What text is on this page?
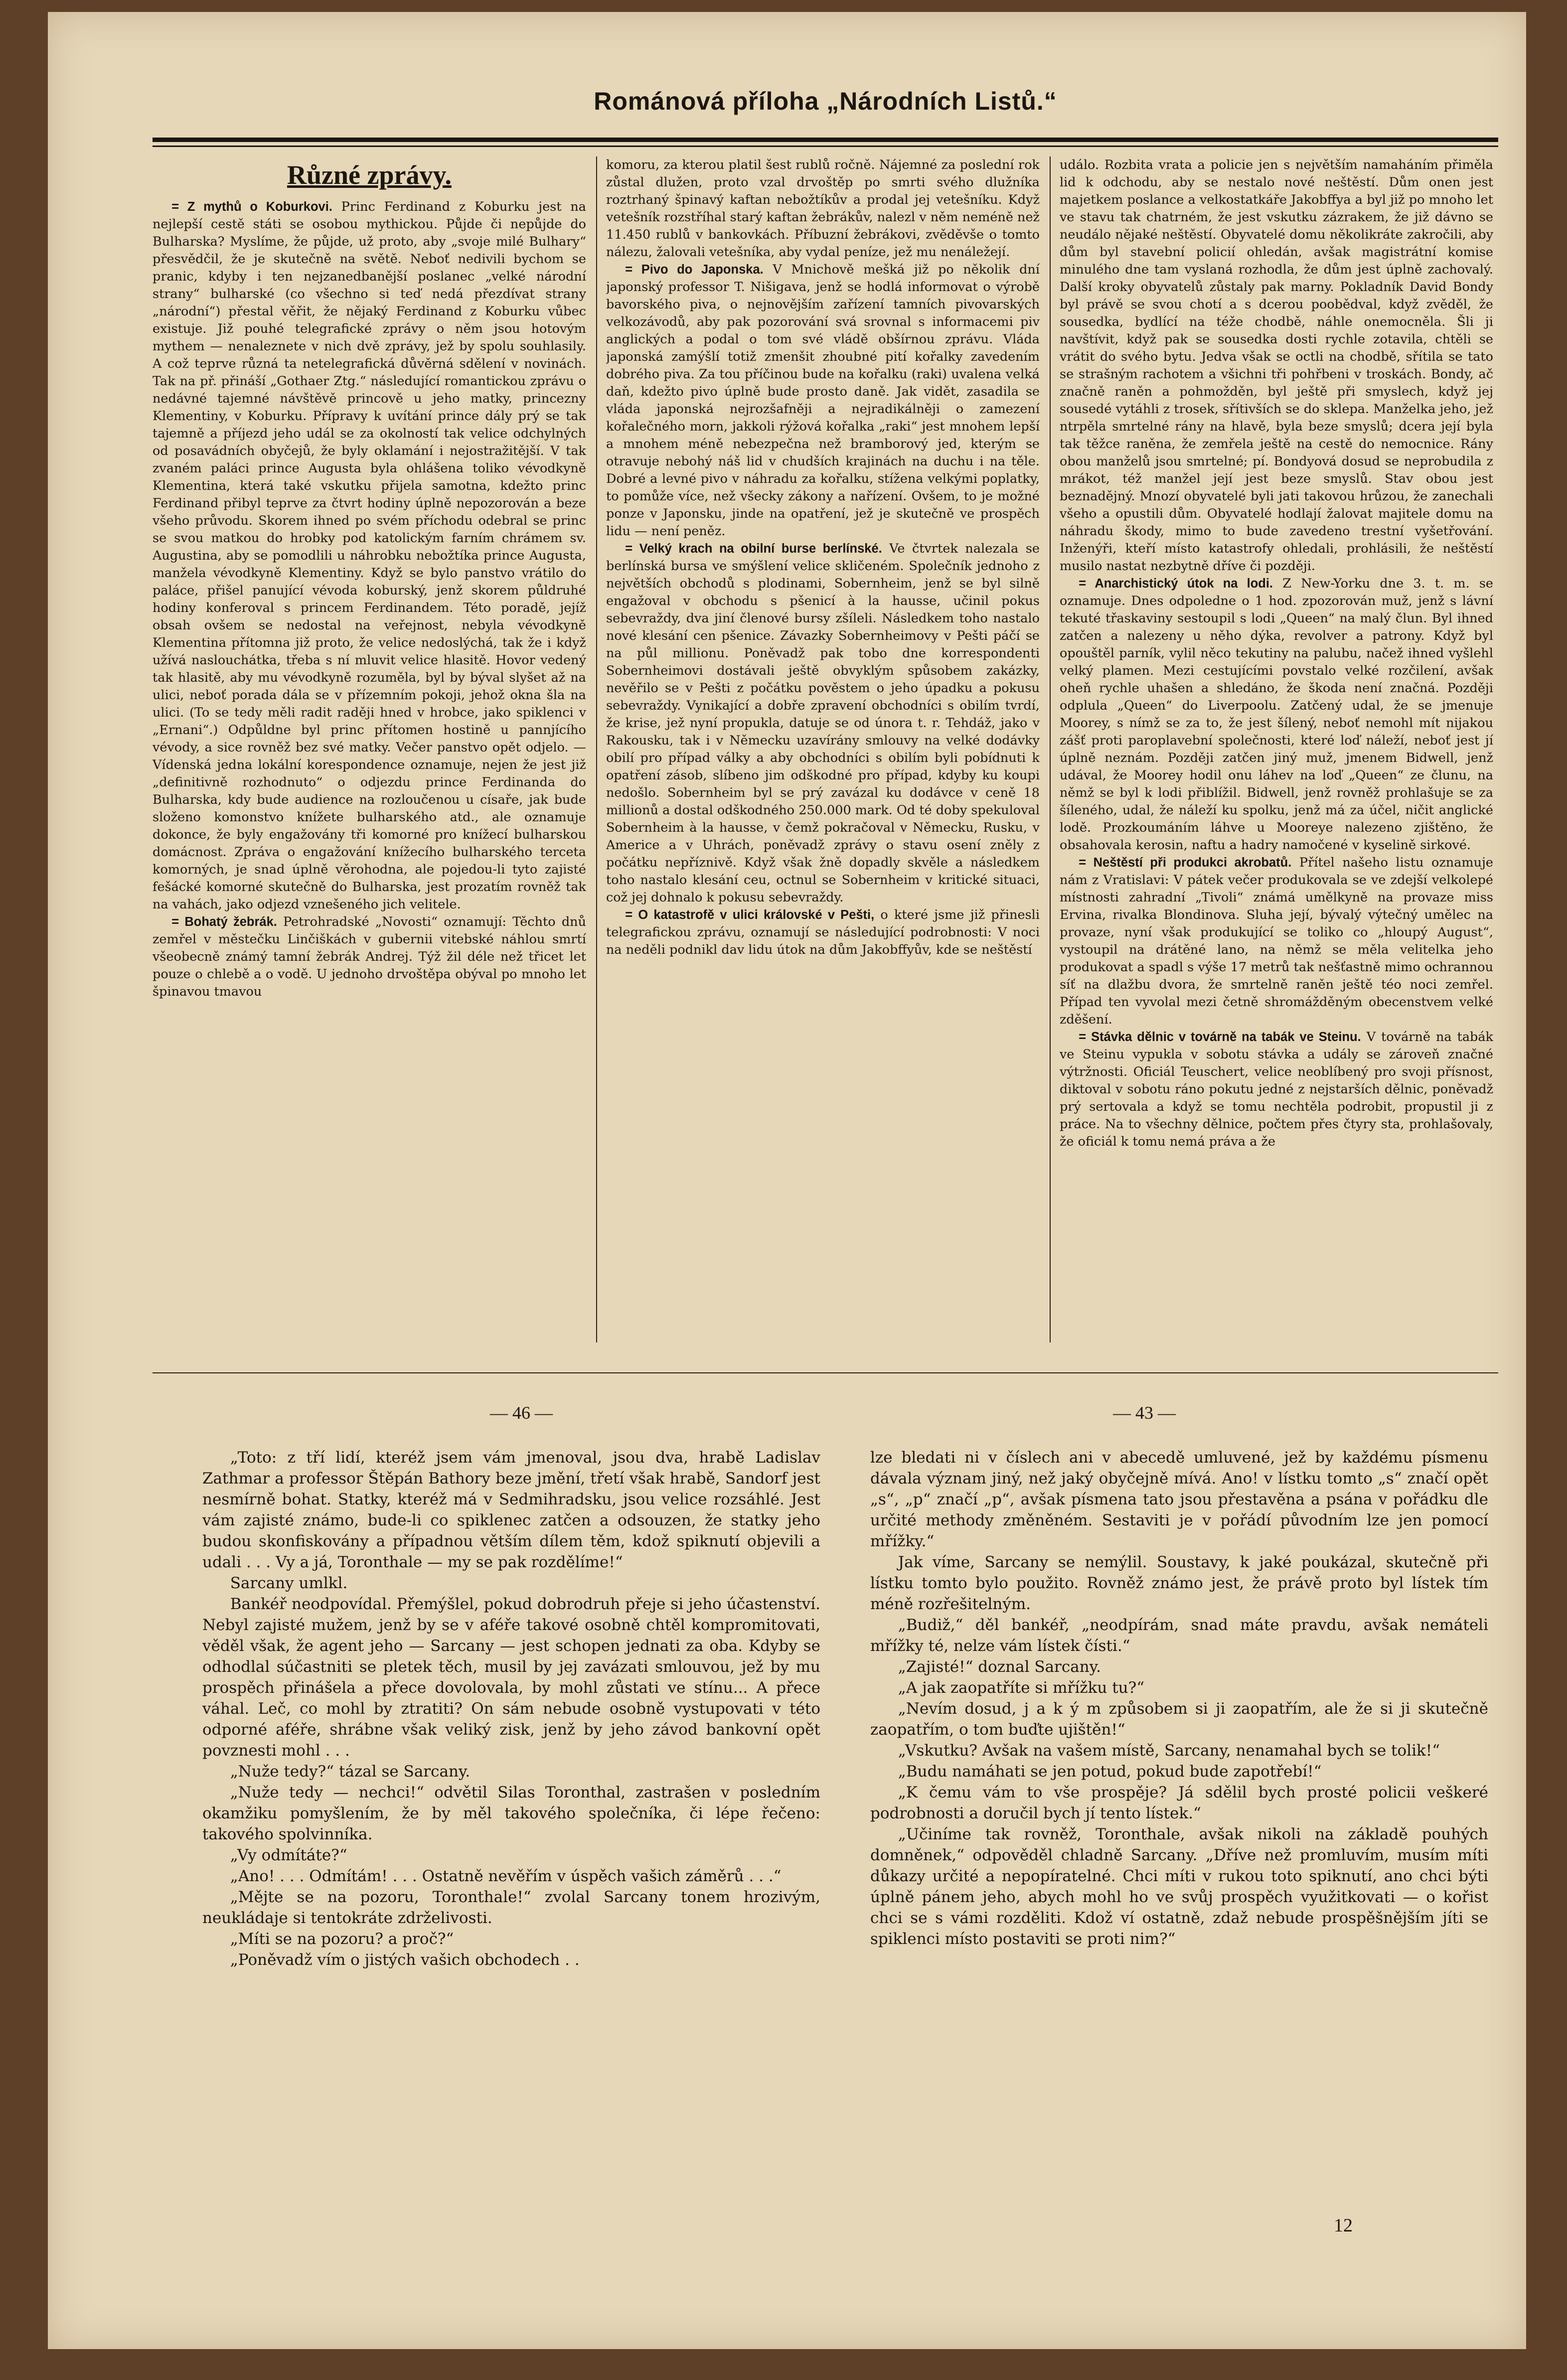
Románová příloha „Národních Listů.“
Různé zprávy.

= Z mythů o Koburkovi. Princ Ferdinand z Koburku jest na nejlepší cestě státi se osobou mythickou. Půjde či nepůjde do Bulharska? Myslíme, že půjde, už proto, aby „svoje milé Bulhary“ přesvědčil, že je skutečně na světě. Neboť nedivili bychom se pranic, kdyby i ten nejzanedbanější poslanec „velké národní strany“ bulharské (co všechno si teď nedá přezdívat strany „národní“) přestal věřit, že nějaký Ferdinand z Koburku vůbec existuje. Již pouhé telegrafické zprávy o něm jsou hotovým mythem — nenaleznete v nich dvě zprávy, jež by spolu souhlasily. A což teprve různá ta netelegrafická důvěrná sdělení v novinách. Tak na př. přináší „Gothaer Ztg.“ následující romantickou zprávu o nedávné tajemné návštěvě princově u jeho matky, princezny Klementiny, v Koburku. Přípravy k uvítání prince dály prý se tak tajemně a příjezd jeho udál se za okolností tak velice odchylných od posavádních obyčejů, že byly oklamání i nejostražitější. V tak zvaném paláci prince Augusta byla ohlášena toliko vévodkyně Klementina, která také vskutku přijela samotna, kdežto princ Ferdinand přibyl teprve za čtvrt hodiny úplně nepozorován a beze všeho průvodu. Skorem ihned po svém příchodu odebral se princ se svou matkou do hrobky pod katolickým farním chrámem sv. Augustina, aby se pomodlili u náhrobku nebožtíka prince Augusta, manžela vévodkyně Klementiny. Když se bylo panstvo vrátilo do paláce, přišel panující vévoda koburský, jenž skorem půldruhé hodiny konferoval s princem Ferdinandem. Této poradě, jejíž obsah ovšem se nedostal na veřejnost, nebyla vévodkyně Klementina přítomna již proto, že velice nedoslýchá, tak že i když užívá naslouchátka, třeba s ní mluvit velice hlasitě. Hovor vedený tak hlasitě, aby mu vévodkyně rozuměla, byl by býval slyšet až na ulici, neboť porada dála se v přízemním pokoji, jehož okna šla na ulici. (To se tedy měli radit raději hned v hrobce, jako spiklenci v „Ernani“.) Odpůldne byl princ přítomen hostině u pannjícího vévody, a sice rovněž bez své matky. Večer panstvo opět odjelo. — Vídenská jedna lokální korespondence oznamuje, nejen že jest již „definitivně rozhodnuto“ o odjezdu prince Ferdinanda do Bulharska, kdy bude audience na rozloučenou u císaře, jak bude složeno komonstvo knížete bulharského atd., ale oznamuje dokonce, že byly engažovány tři komorné pro knížecí bulharskou domácnost. Zpráva o engažování knížecího bulharského terceta komorných, je snad úplně věrohodna, ale pojedou-li tyto zajisté fešácké komorné skutečně do Bulharska, jest prozatím rovněž tak na vahách, jako odjezd vznešeného jich velitele.

= Bohatý žebrák. Petrohradské „Novosti“ oznamují: Těchto dnů zemřel v městečku Linčiškách v gubernii vitebské náhlou smrtí všeobecně známý tamní žebrák Andrej. Týž žil déle než třicet let pouze o chlebě a o vodě. U jednoho drvoštěpa obýval po mnoho let špinavou tmavou

komoru, za kterou platil šest rublů ročně. Nájemné za poslední rok zůstal dlužen, proto vzal drvoštěp po smrti svého dlužníka roztrhaný špinavý kaftan nebožtíkův a prodal jej vetešníku. Když vetešník rozstříhal starý kaftan žebrákův, nalezl v něm neméně než 11.450 rublů v bankovkách. Příbuzní žebrákovi, zvěděvše o tomto nálezu, žalovali vetešníka, aby vydal peníze, jež mu nenáležejí.

= Pivo do Japonska. V Mnichově mešká již po několik dní japonský professor T. Nišigava, jenž se hodlá informovat o výrobě bavorského piva, o nejnovějším zařízení tamních pivovarských velkozávodů, aby pak pozorování svá srovnal s informacemi piv anglických a podal o tom své vládě obšírnou zprávu. Vláda japonská zamýšlí totiž zmenšit zhoubné pití kořalky zavedením dobrého piva. Za tou příčinou bude na kořalku (raki) uvalena velká daň, kdežto pivo úplně bude prosto daně. Jak vidět, zasadila se vláda japonská nejrozšafněji a nejradikálněji o zamezení kořalečného morn, jakkoli rýžová kořalka „raki“ jest mnohem lepší a mnohem méně nebezpečna než bramborový jed, kterým se otravuje nebohý náš lid v chudších krajinách na duchu i na těle. Dobré a levné pivo v náhradu za kořalku, stížena velkými poplatky, to pomůže více, než všecky zákony a nařízení. Ovšem, to je možné ponze v Japonsku, jinde na opatření, jež je skutečně ve prospěch lidu — není peněz.

= Velký krach na obilní burse berlínské. Ve čtvrtek nalezala se berlínská bursa ve smýšlení velice skličeném. Společník jednoho z největších obchodů s plodinami, Sobernheim, jenž se byl silně engažoval v obchodu s pšenicí à la hausse, učinil pokus sebevraždy, dva jiní členové bursy zšíleli. Následkem toho nastalo nové klesání cen pšenice. Závazky Sobernheimovy v Pešti páčí se na půl millionu. Poněvadž pak tobo dne korrespondenti Sobernheimovi dostávali ještě obvyklým spůsobem zakázky, nevěřilo se v Pešti z počátku pověstem o jeho úpadku a pokusu sebevraždy. Vynikající a dobře zpravení obchodníci s obilím tvrdí, že krise, jež nyní propukla, datuje se od února t. r. Tehdáž, jako v Rakousku, tak i v Německu uzavírány smlouvy na velké dodávky obilí pro případ války a aby obchodníci s obilím byli pobídnuti k opatření zásob, slíbeno jim odškodné pro případ, kdyby ku koupi nedošlo. Sobernheim byl se prý zavázal ku dodávce v ceně 18 millionů a dostal odškodného 250.000 mark. Od té doby spekuloval Sobernheim à la hausse, v čemž pokračoval v Německu, Rusku, v Americe a v Uhrách, poněvadž zprávy o stavu osení zněly z počátku nepříznivě. Když však žně dopadly skvěle a následkem toho nastalo klesání ceu, octnul se Sobernheim v kritické situaci, což jej dohnalo k pokusu sebevraždy.

= O katastrofě v ulici královské v Pešti, o které jsme již přinesli telegrafickou zprávu, oznamují se následující podrobnosti: V noci na neděli podnikl dav lidu útok na dům Jakobffyův, kde se neštěstí

událo. Rozbita vrata a policie jen s největším namaháním přiměla lid k odchodu, aby se nestalo nové neštěstí. Dům onen jest majetkem poslance a velkostatkáře Jakobffya a byl již po mnoho let ve stavu tak chatrném, že jest vskutku zázrakem, že již dávno se neudálo nějaké neštěstí. Obyvatelé domu několikráte zakročili, aby dům byl stavební policií ohledán, avšak magistrátní komise minulého dne tam vyslaná rozhodla, že dům jest úplně zachovalý. Další kroky obyvatelů zůstaly pak marny. Pokladník David Bondy byl právě se svou chotí a s dcerou poobědval, když zvěděl, že sousedka, bydlící na téže chodbě, náhle onemocněla. Šli ji navštívit, když pak se sousedka dosti rychle zotavila, chtěli se vrátit do svého bytu. Jedva však se octli na chodbě, sřítila se tato se strašným rachotem a všichni tři pohřbeni v troskách. Bondy, ač značně raněn a pohmožděn, byl ještě při smyslech, když jej sousedé vytáhli z trosek, sřítivších se do sklepa. Manželka jeho, jež ntrpěla smrtelné rány na hlavě, byla beze smyslů; dcera její byla tak těžce raněna, že zemřela ještě na cestě do nemocnice. Rány obou manželů jsou smrtelné; pí. Bondyová dosud se neprobudila z mrákot, též manžel její jest beze smyslů. Stav obou jest beznadějný. Mnozí obyvatelé byli jati takovou hrůzou, že zanechali všeho a opustili dům. Obyvatelé hodlají žalovat majitele domu na náhradu škody, mimo to bude zavedeno trestní vyšetřování. Inženýři, kteří místo katastrofy ohledali, prohlásili, že neštěstí musilo nastat nezbytně dříve či později.

= Anarchistický útok na lodi. Z New-Yorku dne 3. t. m. se oznamuje. Dnes odpoledne o 1 hod. zpozorován muž, jenž s lávní tekuté třaskaviny sestoupil s lodi „Queen“ na malý člun. Byl ihned zatčen a nalezeny u něho dýka, revolver a patrony. Když byl opouštěl parník, vylil něco tekutiny na palubu, načež ihned vyšlehl velký plamen. Mezi cestujícími povstalo velké rozčilení, avšak oheň rychle uhašen a shledáno, že škoda není značná. Později odplula „Queen“ do Liverpoolu. Zatčený udal, že se jmenuje Moorey, s nímž se za to, že jest šílený, neboť nemohl mít nijakou zášť proti paroplavební společnosti, které loď náleží, neboť jest jí úplně neznám. Později zatčen jiný muž, jmenem Bidwell, jenž udával, že Moorey hodil onu láhev na loď „Queen“ ze člunu, na němž se byl k lodi přiblížil. Bidwell, jenž rovněž prohlašuje se za šíleného, udal, že náleží ku spolku, jenž má za účel, ničit anglické lodě. Prozkoumáním láhve u Mooreye nalezeno zjištěno, že obsahovala kerosin, naftu a hadry namočené v kyselině sirkové.

= Neštěstí při produkci akrobatů. Přítel našeho listu oznamuje nám z Vratislavi: V pátek večer produkovala se ve zdejší velkolepé místnosti zahradní „Tivoli“ známá umělkyně na provaze miss Ervina, rivalka Blondinova. Sluha její, bývalý výtečný umělec na provaze, nyní však produkující se toliko co „hloupý August“, vystoupil na drátěné lano, na němž se měla velitelka jeho produkovat a spadl s výše 17 metrů tak nešťastně mimo ochrannou síť na dlažbu dvora, že smrtelně raněn ještě téo noci zemřel. Případ ten vyvolal mezi četně shromážděným obecenstvem velké zděšení.

= Stávka dělnic v továrně na tabák ve Steinu. V továrně na tabák ve Steinu vypukla v sobotu stávka a udály se zároveň značné výtržnosti. Oficiál Teuschert, velice neoblíbený pro svoji přísnost, diktoval v sobotu ráno pokutu jedné z nejstarších dělnic, poněvadž prý sertovala a když se tomu nechtěla podrobit, propustil ji z práce. Na to všechny dělnice, počtem přes čtyry sta, prohlašovaly, že oficiál k tomu nemá práva a že

— 46 —	— 43 —

„Toto: z tří lidí, kteréž jsem vám jmenoval, jsou dva, hrabě Ladislav Zathmar a professor Štěpán Bathory beze jmění, třetí však hrabě, Sandorf jest nesmírně bohat. Statky, kteréž má v Sedmihradsku, jsou velice rozsáhlé. Jest vám zajisté známo, bude-li co spiklenec zatčen a odsouzen, že statky jeho budou skonfiskovány a případnou větším dílem těm, kdož spiknutí objevili a udali . . . Vy a já, Toronthale — my se pak rozdělíme!“

Sarcany umlkl.

Bankéř neodpovídal. Přemýšlel, pokud dobrodruh přeje si jeho účastenství. Nebyl zajisté mužem, jenž by se v aféře takové osobně chtěl kompromitovati, věděl však, že agent jeho — Sarcany — jest schopen jednati za oba. Kdyby se odhodlal súčastniti se pletek těch, musil by jej zavázati smlouvou, jež by mu prospěch přinášela a přece dovolovala, by mohl zůstati ve stínu... A přece váhal. Leč, co mohl by ztratiti? On sám nebude osobně vystupovati v této odporné aféře, shrábne však veliký zisk, jenž by jeho závod bankovní opět povznesti mohl . . .

„Nuže tedy?“ tázal se Sarcany.

„Nuže tedy — nechci!“ odvětil Silas Toronthal, zastrašen v posledním okamžiku pomyšlením, že by měl takového společníka, či lépe řečeno: takového spolvinníka.

„Vy odmítáte?“

„Ano! . . . Odmítám! . . . Ostatně nevěřím v úspěch vašich záměrů . . .“

„Mějte se na pozoru, Toronthale!“ zvolal Sarcany tonem hrozivým, neukládaje si tentokráte zdrželivosti.

„Míti se na pozoru? a proč?“

„Poněvadž vím o jistých vašich obchodech . .

lze bledati ni v číslech ani v abecedě umluvené, jež by každému písmenu dávala význam jiný, než jaký obyčejně mívá. Ano! v lístku tomto „s“ značí opět „s“, „p“ značí „p“, avšak písmena tato jsou přestavěna a psána v pořádku dle určité methody změněném. Sestaviti je v pořádí původním lze jen pomocí mřížky.“

Jak víme, Sarcany se nemýlil. Soustavy, k jaké poukázal, skutečně při lístku tomto bylo použito. Rovněž známo jest, že právě proto byl lístek tím méně rozřešitelným.

„Budiž,“ děl bankéř, „neodpírám, snad máte pravdu, avšak nemáteli mřížky té, nelze vám lístek čísti.“

„Zajisté!“ doznal Sarcany.

„A jak zaopatříte si mřížku tu?“

„Nevím dosud, j a k ý m způsobem si ji zaopatřím, ale že si ji skutečně zaopatřím, o tom buďte ujištěn!“

„Vskutku? Avšak na vašem místě, Sarcany, nenamahal bych se tolik!“

„Budu namáhati se jen potud, pokud bude zapotřebí!“

„K čemu vám to vše prospěje? Já sdělil bych prosté policii veškeré podrobnosti a doručil bych jí tento lístek.“

„Učiníme tak rovněž, Toronthale, avšak nikoli na základě pouhých domněnek,“ odpověděl chladně Sarcany. „Dříve než promluvím, musím míti důkazy určité a nepopíratelné. Chci míti v rukou toto spiknutí, ano chci býti úplně pánem jeho, abych mohl ho ve svůj prospěch využitkovati — o kořist chci se s vámi rozděliti. Kdož ví ostatně, zdaž nebude prospěšnějším jíti se spiklenci místo postaviti se proti nim?“

12
